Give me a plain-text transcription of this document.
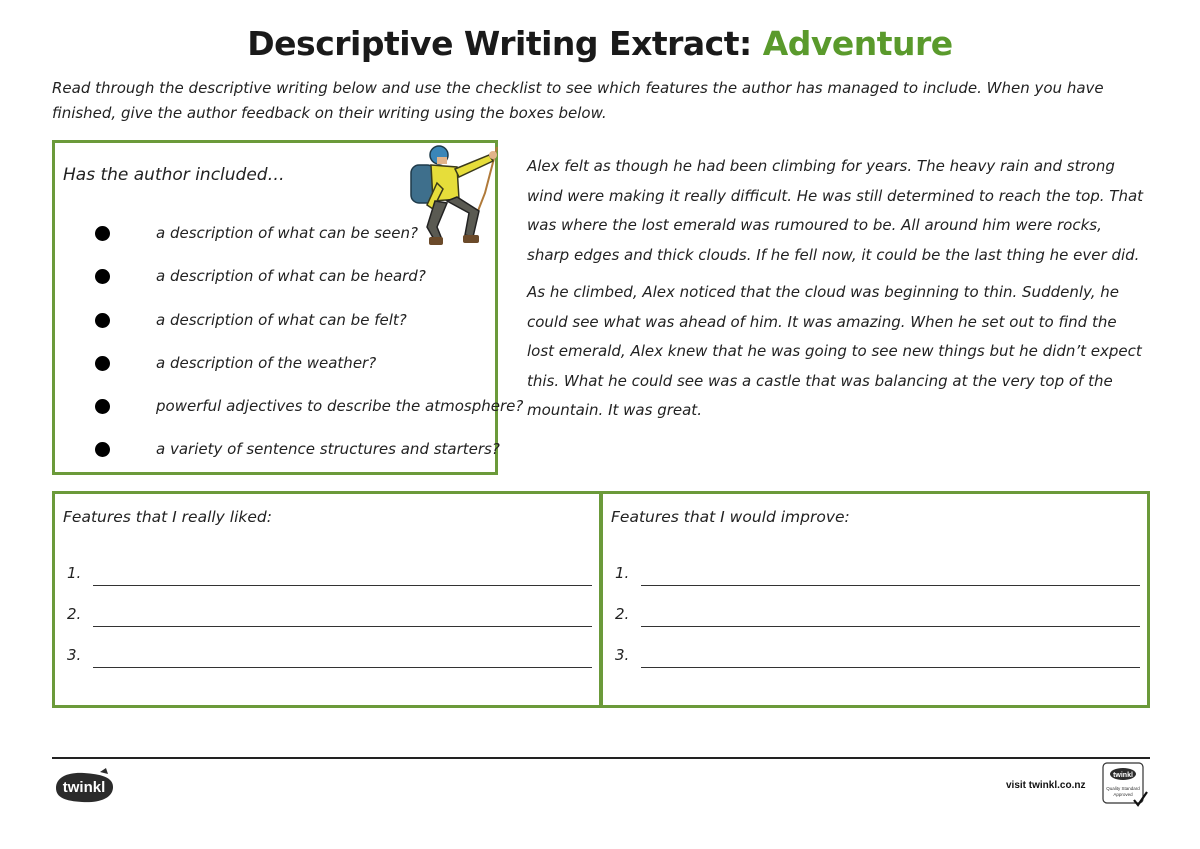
Descriptive Writing Extract: Adventure

Read through the descriptive writing below and use the checklist to see which features the author has managed to include. When you have finished, give the author feedback on their writing using the boxes below.

Has the author included…
a description of what can be seen?
a description of what can be heard?
a description of what can be felt?
a description of the weather?
powerful adjectives to describe the atmosphere?
a variety of sentence structures and starters?

Alex felt as though he had been climbing for years. The heavy rain and strong wind were making it really difficult. He was still determined to reach the top. That was where the lost emerald was rumoured to be. All around him were rocks, sharp edges and thick clouds. If he fell now, it could be the last thing he ever did.

As he climbed, Alex noticed that the cloud was beginning to thin. Suddenly, he could see what was ahead of him. It was amazing. When he set out to find the lost emerald, Alex knew that he was going to see new things but he didn’t expect this. What he could see was a castle that was balancing at the very top of the mountain. It was great.

Features that I really liked:
1.
2.
3.
Features that I would improve:
1.
2.
3.
twinkl	visit twinkl.co.nz
twinkl
Quality Standard
Approved
